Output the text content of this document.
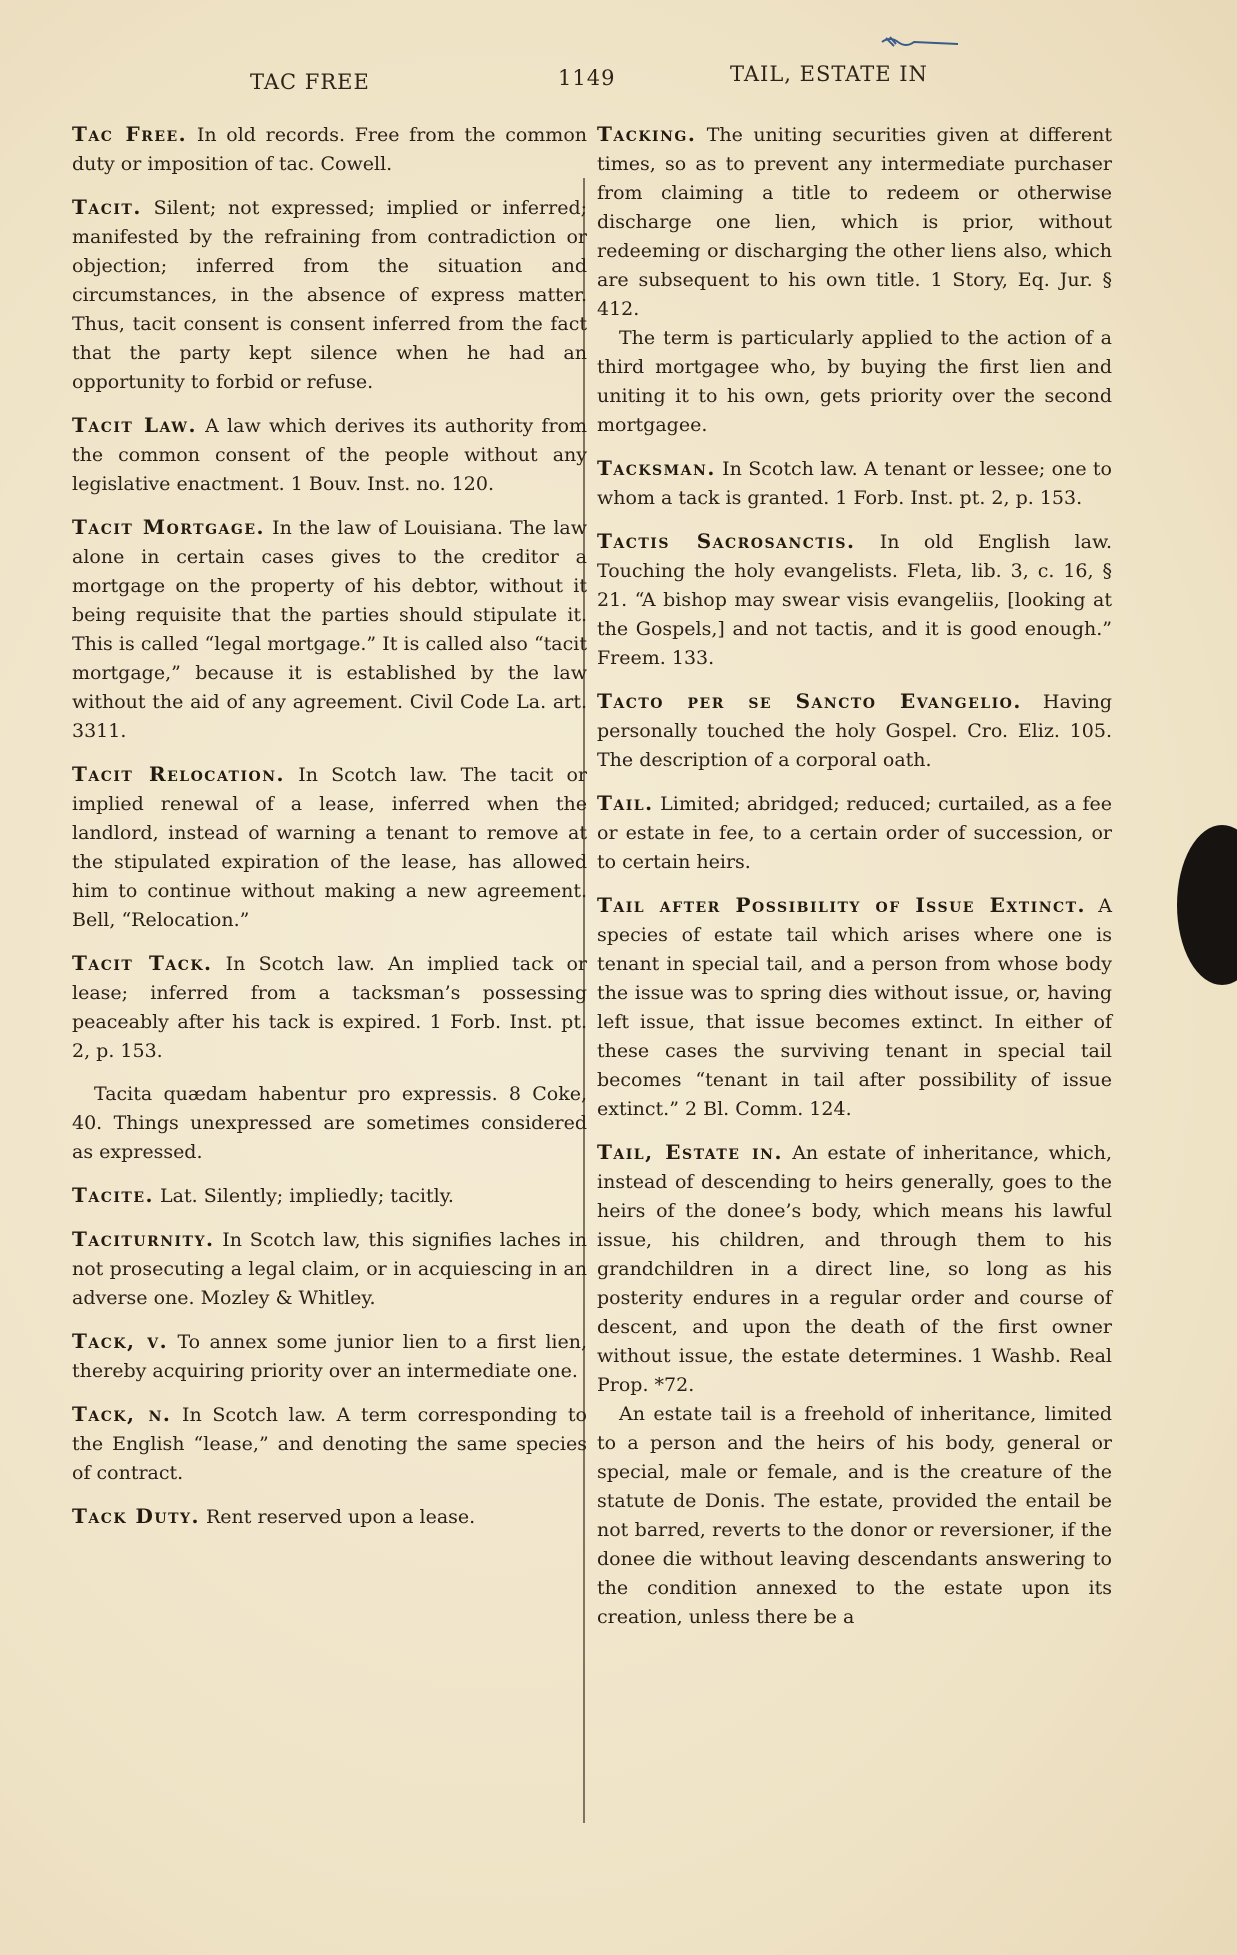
TAC FREE	1149	TAIL, ESTATE IN

Tac Free. In old records. Free from the common duty or imposition of tac. Cowell.

Tacit. Silent; not expressed; implied or inferred; manifested by the refraining from contradiction or objection; inferred from the situation and circumstances, in the absence of express matter. Thus, tacit consent is consent inferred from the fact that the party kept silence when he had an opportunity to forbid or refuse.

Tacit Law. A law which derives its authority from the common consent of the people without any legislative enactment. 1 Bouv. Inst. no. 120.

Tacit Mortgage. In the law of Louisiana. The law alone in certain cases gives to the creditor a mortgage on the property of his debtor, without it being requisite that the parties should stipulate it. This is called “legal mortgage.” It is called also “tacit mortgage,” because it is established by the law without the aid of any agreement. Civil Code La. art. 3311.

Tacit Relocation. In Scotch law. The tacit or implied renewal of a lease, inferred when the landlord, instead of warning a tenant to remove at the stipulated expiration of the lease, has allowed him to continue without making a new agreement. Bell, “Relocation.”

Tacit Tack. In Scotch law. An implied tack or lease; inferred from a tacksman’s possessing peaceably after his tack is expired. 1 Forb. Inst. pt. 2, p. 153.

Tacita quædam habentur pro expressis. 8 Coke, 40. Things unexpressed are sometimes considered as expressed.

Tacite. Lat. Silently; impliedly; tacitly.

Taciturnity. In Scotch law, this signifies laches in not prosecuting a legal claim, or in acquiescing in an adverse one. Mozley & Whitley.

Tack, v. To annex some junior lien to a first lien, thereby acquiring priority over an intermediate one.

Tack, n. In Scotch law. A term corresponding to the English “lease,” and denoting the same species of contract.

Tack Duty. Rent reserved upon a lease.

Tacking. The uniting securities given at different times, so as to prevent any intermediate purchaser from claiming a title to redeem or otherwise discharge one lien, which is prior, without redeeming or discharging the other liens also, which are subsequent to his own title. 1 Story, Eq. Jur. § 412.

The term is particularly applied to the action of a third mortgagee who, by buying the first lien and uniting it to his own, gets priority over the second mortgagee.

Tacksman. In Scotch law. A tenant or lessee; one to whom a tack is granted. 1 Forb. Inst. pt. 2, p. 153.

Tactis Sacrosanctis. In old English law. Touching the holy evangelists. Fleta, lib. 3, c. 16, § 21. “A bishop may swear visis evangeliis, [looking at the Gospels,] and not tactis, and it is good enough.” Freem. 133.

Tacto per se Sancto Evangelio. Having personally touched the holy Gospel. Cro. Eliz. 105. The description of a corporal oath.

Tail. Limited; abridged; reduced; curtailed, as a fee or estate in fee, to a certain order of succession, or to certain heirs.

Tail after Possibility of Issue Extinct. A species of estate tail which arises where one is tenant in special tail, and a person from whose body the issue was to spring dies without issue, or, having left issue, that issue becomes extinct. In either of these cases the surviving tenant in special tail becomes “tenant in tail after possibility of issue extinct.” 2 Bl. Comm. 124.

Tail, Estate in. An estate of inheritance, which, instead of descending to heirs generally, goes to the heirs of the donee’s body, which means his lawful issue, his children, and through them to his grandchildren in a direct line, so long as his posterity endures in a regular order and course of descent, and upon the death of the first owner without issue, the estate determines. 1 Washb. Real Prop. *72.

An estate tail is a freehold of inheritance, limited to a person and the heirs of his body, general or special, male or female, and is the creature of the statute de Donis. The estate, provided the entail be not barred, reverts to the donor or reversioner, if the donee die without leaving descendants answering to the condition annexed to the estate upon its creation, unless there be a
